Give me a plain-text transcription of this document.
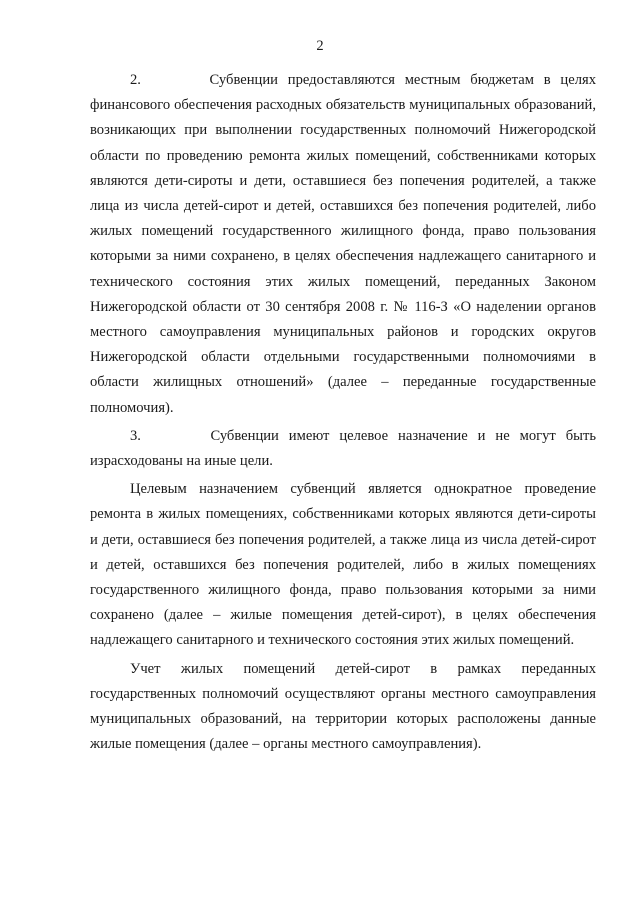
2

2.       Субвенции предоставляются местным бюджетам в целях финансового обеспечения расходных обязательств муниципальных образований, возникающих при выполнении государственных полномочий Нижегородской области по проведению ремонта жилых помещений, собственниками которых являются дети-сироты и дети, оставшиеся без попечения родителей, а также лица из числа детей-сирот и детей, оставшихся без попечения родителей, либо жилых помещений государственного жилищного фонда, право пользования которыми за ними сохранено, в целях обеспечения надлежащего санитарного и технического состояния этих жилых помещений, переданных Законом Нижегородской области от 30 сентября 2008 г. № 116-З «О наделении органов местного самоуправления муниципальных районов и городских округов Нижегородской области отдельными государственными полномочиями в области жилищных отношений» (далее – переданные государственные полномочия).

3.       Субвенции имеют целевое назначение и не могут быть израсходованы на иные цели.

Целевым назначением субвенций является однократное проведение ремонта в жилых помещениях, собственниками которых являются дети-сироты и дети, оставшиеся без попечения родителей, а также лица из числа детей-сирот и детей, оставшихся без попечения родителей, либо в жилых помещениях государственного жилищного фонда, право пользования которыми за ними сохранено (далее – жилые помещения детей-сирот), в целях обеспечения надлежащего санитарного и технического состояния этих жилых помещений.

Учет жилых помещений детей-сирот в рамках переданных государственных полномочий осуществляют органы местного самоуправления муниципальных образований, на территории которых расположены данные жилые помещения (далее – органы местного самоуправления).
